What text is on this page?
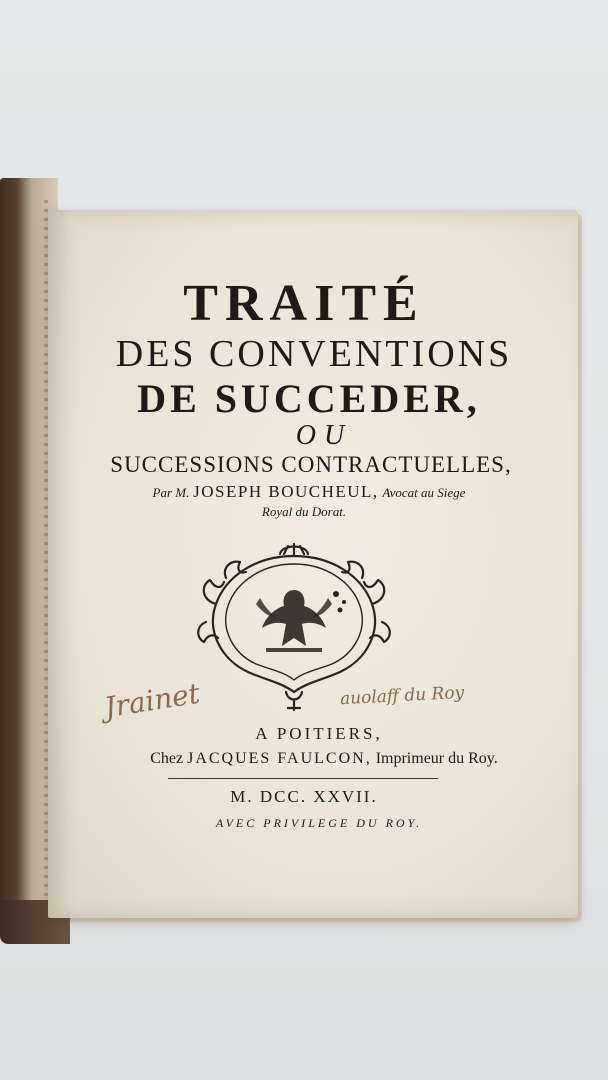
TRAITÉ
DES CONVENTIONS
DE SUCCEDER,
OU
SUCCESSIONS CONTRACTUELLES,
Par M. JOSEPH BOUCHEUL, Avocat au Siege
Royal du Dorat.
Jrainet	auolaff du Roy
A POITIERS,
Chez JACQUES FAULCON, Imprimeur du Roy.
M. DCC. XXVII.
AVEC PRIVILEGE DU ROY.
